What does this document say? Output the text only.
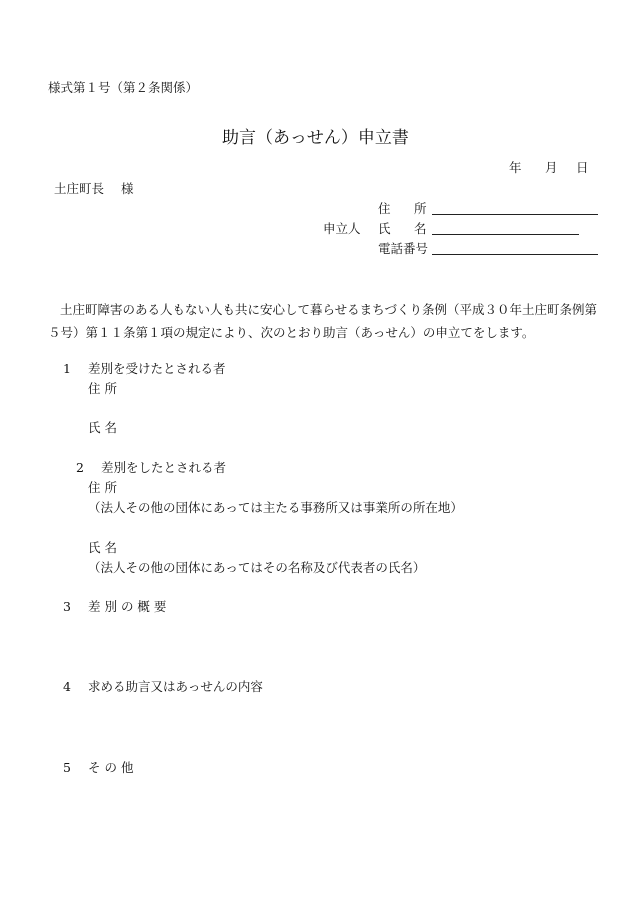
様式第１号（第２条関係）
助言（あっせん）申立書
年 月 日
土庄町長 様
住 所
申立人 氏 名
電話番号
土庄町障害のある人もない人も共に安心して暮らせるまちづくり条例（平成３０年土庄町条例第５号）第１１条第１項の規定により、次のとおり助言（あっせん）の申立てをします。
1 差別を受けたとされる者
住 所
氏 名
2 差別をしたとされる者
住 所
（法人その他の団体にあっては主たる事務所又は事業所の所在地）
氏 名
（法人その他の団体にあってはその名称及び代表者の氏名）
3 差 別 の 概 要
4 求める助言又はあっせんの内容
5 そ の 他
